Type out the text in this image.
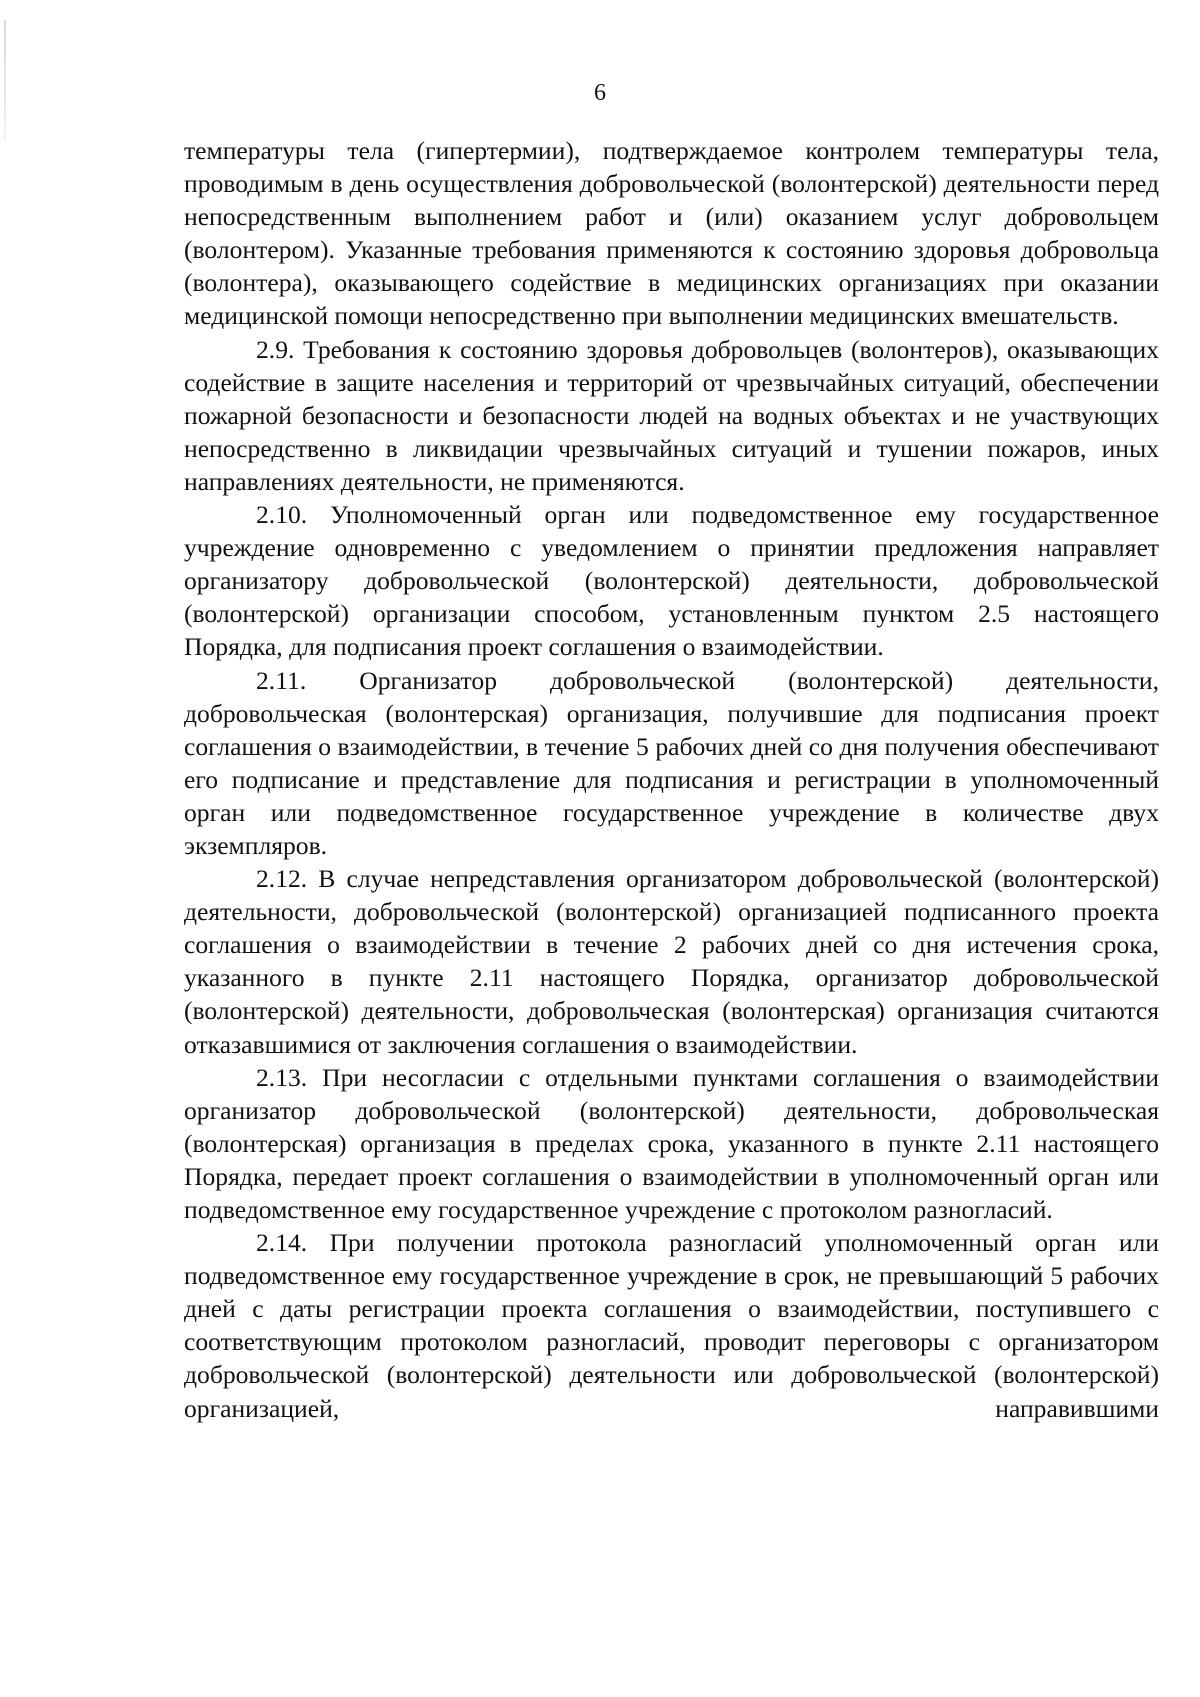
6

температуры тела (гипертермии), подтверждаемое контролем температуры тела, проводимым в день осуществления добровольческой (волонтерской) деятельности перед непосредственным выполнением работ и (или) оказанием услуг добровольцем (волонтером). Указанные требования применяются к состоянию здоровья добровольца (волонтера), оказывающего содействие в медицинских организациях при оказании медицинской помощи непосредственно при выполнении медицинских вмешательств.

2.9. Требования к состоянию здоровья добровольцев (волонтеров), оказывающих содействие в защите населения и территорий от чрезвычайных ситуаций, обеспечении пожарной безопасности и безопасности людей на водных объектах и не участвующих непосредственно в ликвидации чрезвычайных ситуаций и тушении пожаров, иных направлениях деятельности, не применяются.

2.10. Уполномоченный орган или подведомственное ему государственное учреждение одновременно с уведомлением о принятии предложения направляет организатору добровольческой (волонтерской) деятельности, добровольческой (волонтерской) организации способом, установленным пунктом 2.5 настоящего Порядка, для подписания проект соглашения о взаимодействии.

2.11. Организатор добровольческой (волонтерской) деятельности, добровольческая (волонтерская) организация, получившие для подписания проект соглашения о взаимодействии, в течение 5 рабочих дней со дня получения обеспечивают его подписание и представление для подписания и регистрации в уполномоченный орган или подведомственное государственное учреждение в количестве двух экземпляров.

2.12. В случае непредставления организатором добровольческой (волонтерской) деятельности, добровольческой (волонтерской) организацией подписанного проекта соглашения о взаимодействии в течение 2 рабочих дней со дня истечения срока, указанного в пункте 2.11 настоящего Порядка, организатор добровольческой (волонтерской) деятельности, добровольческая (волонтерская) организация считаются отказавшимися от заключения соглашения о взаимодействии.

2.13. При несогласии с отдельными пунктами соглашения о взаимодействии организатор добровольческой (волонтерской) деятельности, добровольческая (волонтерская) организация в пределах срока, указанного в пункте 2.11 настоящего Порядка, передает проект соглашения о взаимодействии в уполномоченный орган или подведомственное ему государственное учреждение с протоколом разногласий.

2.14. При получении протокола разногласий уполномоченный орган или подведомственное ему государственное учреждение в срок, не превышающий 5 рабочих дней с даты регистрации проекта соглашения о взаимодействии, поступившего с соответствующим протоколом разногласий, проводит переговоры с организатором добровольческой (волонтерской) деятельности или добровольческой (волонтерской) организацией, направившими
